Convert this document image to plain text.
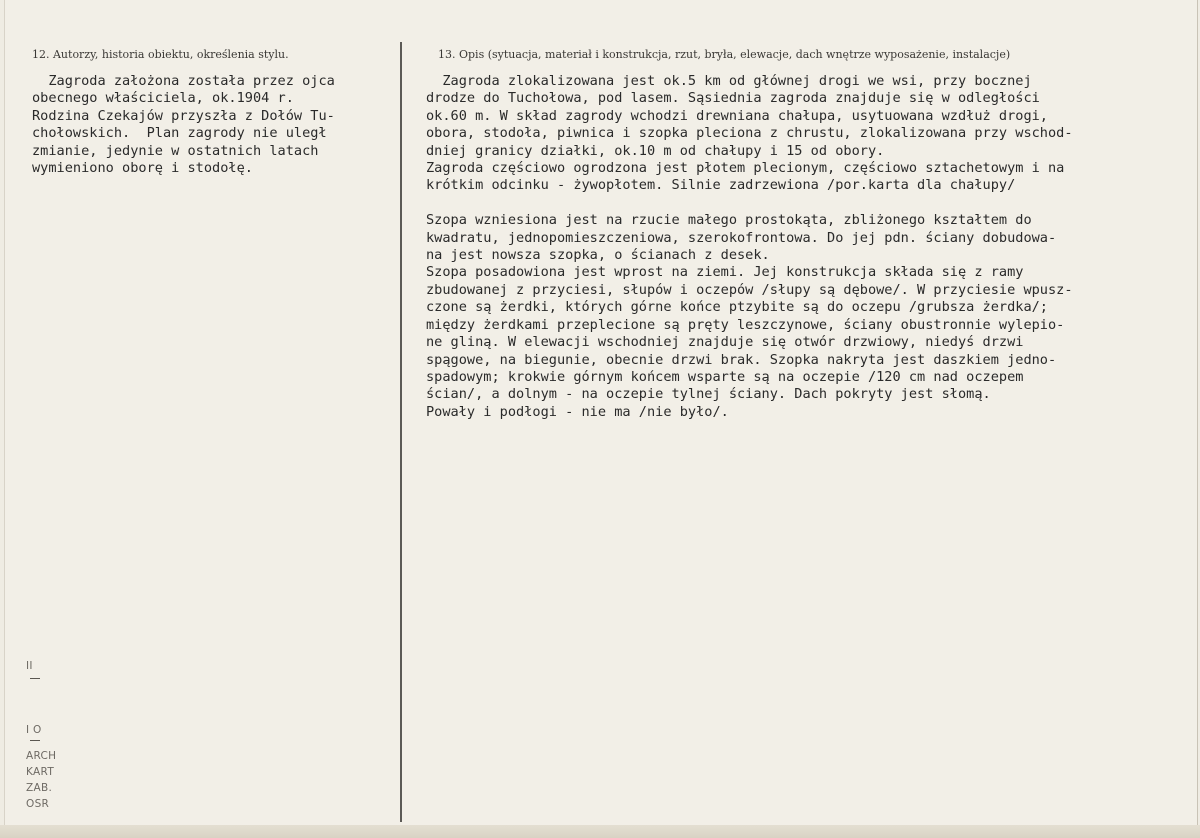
12. Autorzy, historia obiektu, określenia stylu.
Zagroda założona została przez ojca
obecnego właściciela, ok.1904 r.
Rodzina Czekajów przyszła z Dołów Tu-
chołowskich.  Plan zagrody nie uległ
zmianie, jedynie w ostatnich latach
wymieniono oborę i stodołę.
13. Opis (sytuacja, materiał i konstrukcja, rzut, bryła, elewacje, dach wnętrze wyposażenie, instalacje)
Zagroda zlokalizowana jest ok.5 km od głównej drogi we wsi, przy bocznej
drodze do Tuchołowa, pod lasem. Sąsiednia zagroda znajduje się w odległości
ok.60 m. W skład zagrody wchodzi drewniana chałupa, usytuowana wzdłuż drogi,
obora, stodoła, piwnica i szopka pleciona z chrustu, zlokalizowana przy wschod-
dniej granicy działki, ok.10 m od chałupy i 15 od obory.
Zagroda częściowo ogrodzona jest płotem plecionym, częściowo sztachetowym i na
krótkim odcinku - żywopłotem. Silnie zadrzewiona /por.karta dla chałupy/

Szopa wzniesiona jest na rzucie małego prostokąta, zbliżonego kształtem do
kwadratu, jednopomieszczeniowa, szerokofrontowa. Do jej pdn. ściany dobudowa-
na jest nowsza szopka, o ścianach z desek.
Szopa posadowiona jest wprost na ziemi. Jej konstrukcja składa się z ramy
zbudowanej z przyciesi, słupów i oczepów /słupy są dębowe/. W przyciesie wpusz-
czone są żerdki, których górne końce ptzybite są do oczepu /grubsza żerdka/;
między żerdkami przeplecione są pręty leszczynowe, ściany obustronnie wylepio-
ne gliną. W elewacji wschodniej znajduje się otwór drzwiowy, niedyś drzwi
spągowe, na biegunie, obecnie drzwi brak. Szopka nakryta jest daszkiem jedno-
spadowym; krokwie górnym końcem wsparte są na oczepie /120 cm nad oczepem
ścian/, a dolnym - na oczepie tylnej ściany. Dach pokryty jest słomą.
Powały i podłogi - nie ma /nie było/.
II
I O
ARCH
KART
ZAB.
OSR
